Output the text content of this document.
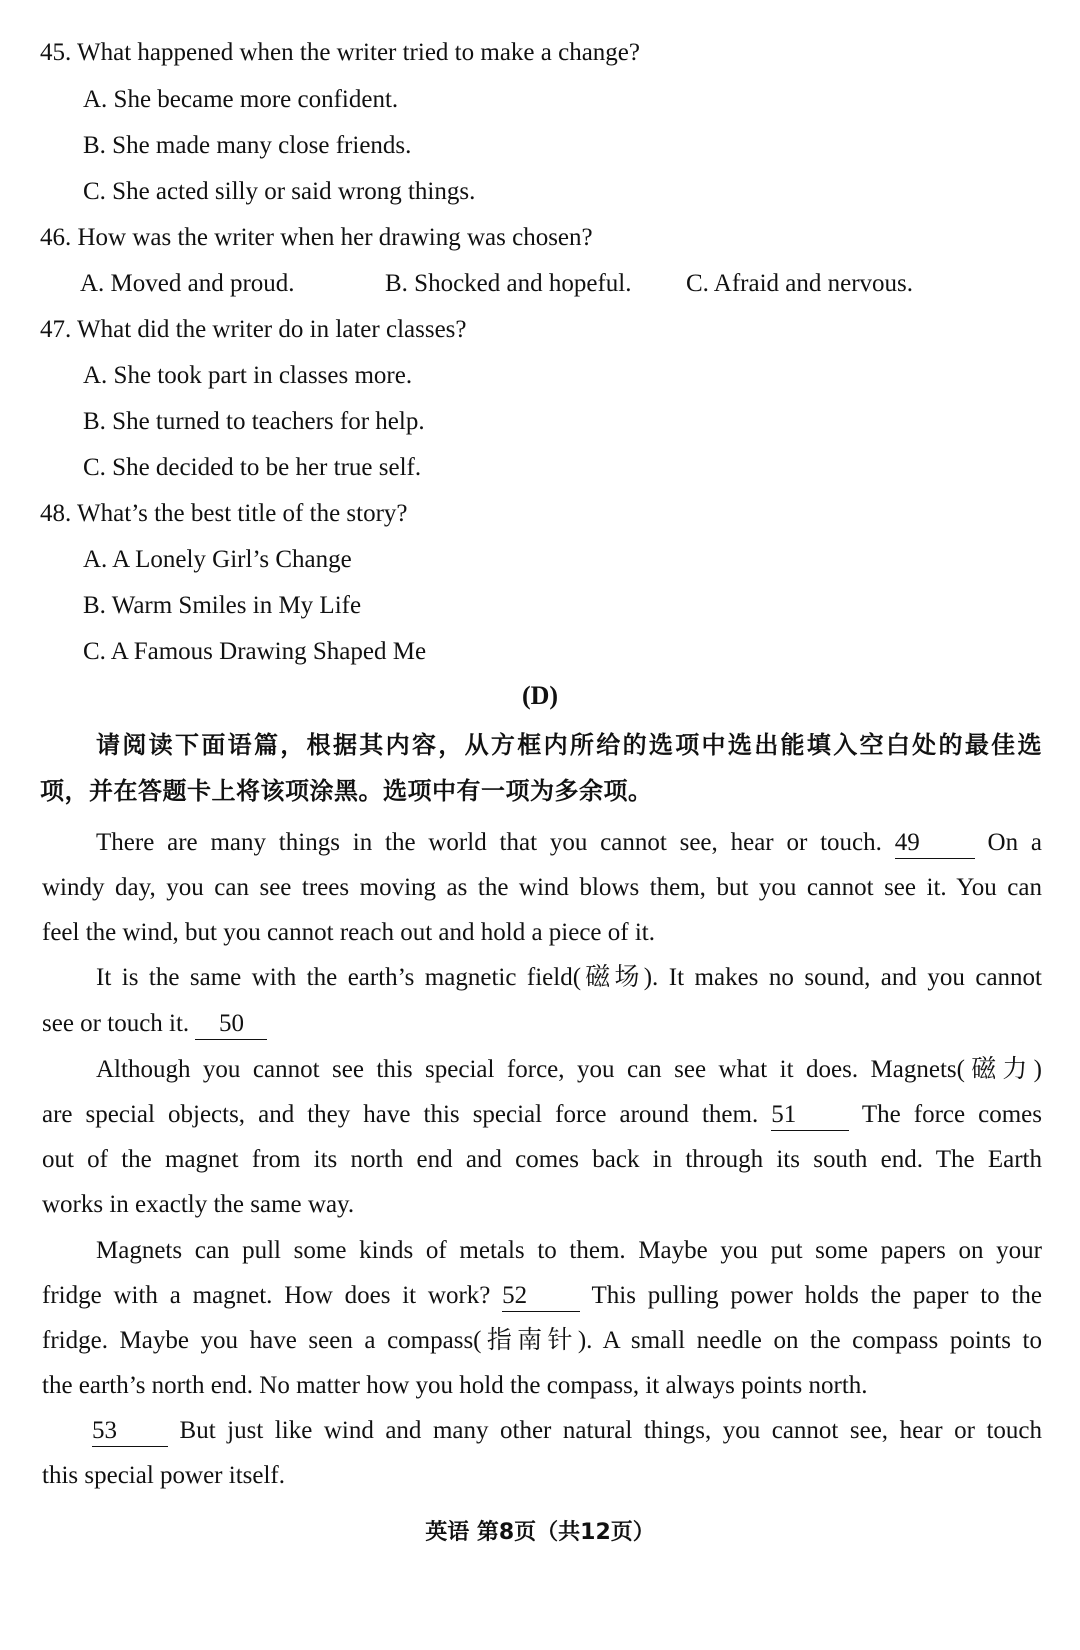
45. What happened when the writer tried to make a change?
A. She became more confident.
B. She made many close friends.
C. She acted silly or said wrong things.
46. How was the writer when her drawing was chosen?
A. Moved and proud.	B. Shocked and hopeful. C. Afraid and nervous.
47. What did the writer do in later classes?
A. She took part in classes more.
B. She turned to teachers for help.
C. She decided to be her true self.
48. What’s the best title of the story?
A. A Lonely Girl’s Change
B. Warm Smiles in My Life
C. A Famous Drawing Shaped Me
(D)
请阅读下面语篇，根据其内容，从方框内所给的选项中选出能填入空白处的最佳选
项，并在答题卡上将该项涂黑。选项中有一项为多余项。
There are many things in the world that you cannot see, hear or touch. 49	On a
windy day, you can see trees moving as the wind blows them, but you cannot see it. You can
feel the wind, but you cannot reach out and hold a piece of it.
It is the same with the earth’s magnetic field(磁场). It makes no sound, and you cannot
see or touch it. 50
Although you cannot see this special force, you can see what it does. Magnets(磁力)
are special objects, and they have this special force around them. 51	The force comes
out of the magnet from its north end and comes back in through its south end. The Earth
works in exactly the same way.
Magnets can pull some kinds of metals to them. Maybe you put some papers on your
fridge with a magnet. How does it work? 52	This pulling power holds the paper to the
fridge. Maybe you have seen a compass(指南针). A small needle on the compass points to
the earth’s north end. No matter how you hold the compass, it always points north.
53	But just like wind and many other natural things, you cannot see, hear or touch
this special power itself.
英语 第8页（共12页）
